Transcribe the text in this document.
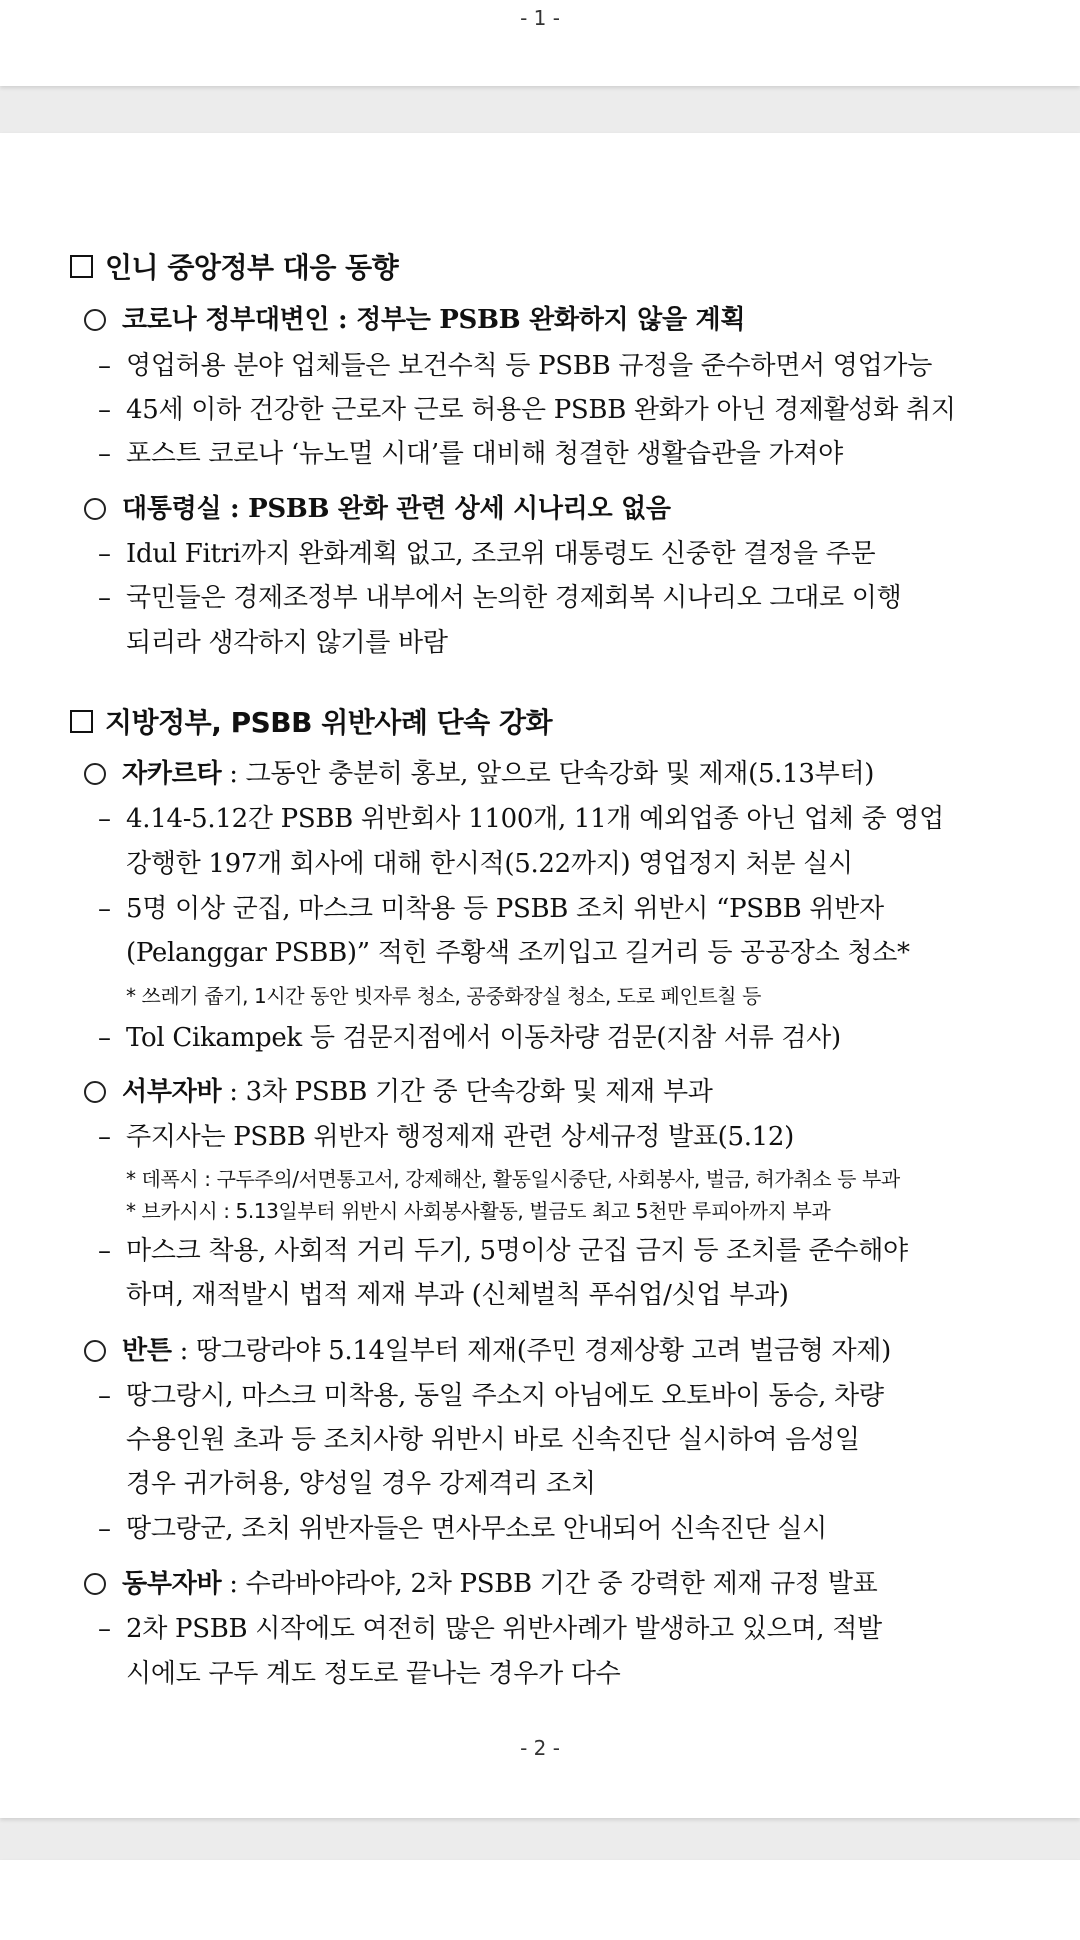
- 1 -
인니 중앙정부 대응 동향
코로나 정부대변인 : 정부는 PSBB 완화하지 않을 계획
– 영업허용 분야 업체들은 보건수칙 등 PSBB 규정을 준수하면서 영업가능
– 45세 이하 건강한 근로자 근로 허용은 PSBB 완화가 아닌 경제활성화 취지
– 포스트 코로나 ‘뉴노멀 시대’를 대비해 청결한 생활습관을 가져야
대통령실 : PSBB 완화 관련 상세 시나리오 없음
– Idul Fitri까지 완화계획 없고, 조코위 대통령도 신중한 결정을 주문
– 국민들은 경제조정부 내부에서 논의한 경제회복 시나리오 그대로 이행
되리라 생각하지 않기를 바람
지방정부, PSBB 위반사례 단속 강화
자카르타 : 그동안 충분히 홍보, 앞으로 단속강화 및 제재(5.13부터)
– 4.14-5.12간 PSBB 위반회사 1100개, 11개 예외업종 아닌 업체 중 영업
강행한 197개 회사에 대해 한시적(5.22까지) 영업정지 처분 실시
– 5명 이상 군집, 마스크 미착용 등 PSBB 조치 위반시 “PSBB 위반자
(Pelanggar PSBB)” 적힌 주황색 조끼입고 길거리 등 공공장소 청소*
* 쓰레기 줍기, 1시간 동안 빗자루 청소, 공중화장실 청소, 도로 페인트칠 등
– Tol Cikampek 등 검문지점에서 이동차량 검문(지참 서류 검사)
서부자바 : 3차 PSBB 기간 중 단속강화 및 제재 부과
– 주지사는 PSBB 위반자 행정제재 관련 상세규정 발표(5.12)
* 데폭시 : 구두주의/서면통고서, 강제해산, 활동일시중단, 사회봉사, 벌금, 허가취소 등 부과
* 브카시시 : 5.13일부터 위반시 사회봉사활동, 벌금도 최고 5천만 루피아까지 부과
– 마스크 착용, 사회적 거리 두기, 5명이상 군집 금지 등 조치를 준수해야
하며, 재적발시 법적 제재 부과 (신체벌칙 푸쉬업/싯업 부과)
반튼 : 땅그랑라야 5.14일부터 제재(주민 경제상황 고려 벌금형 자제)
– 땅그랑시, 마스크 미착용, 동일 주소지 아님에도 오토바이 동승, 차량
수용인원 초과 등 조치사항 위반시 바로 신속진단 실시하여 음성일
경우 귀가허용, 양성일 경우 강제격리 조치
– 땅그랑군, 조치 위반자들은 면사무소로 안내되어 신속진단 실시
동부자바 : 수라바야라야, 2차 PSBB 기간 중 강력한 제재 규정 발표
– 2차 PSBB 시작에도 여전히 많은 위반사례가 발생하고 있으며, 적발
시에도 구두 계도 정도로 끝나는 경우가 다수
- 2 -
